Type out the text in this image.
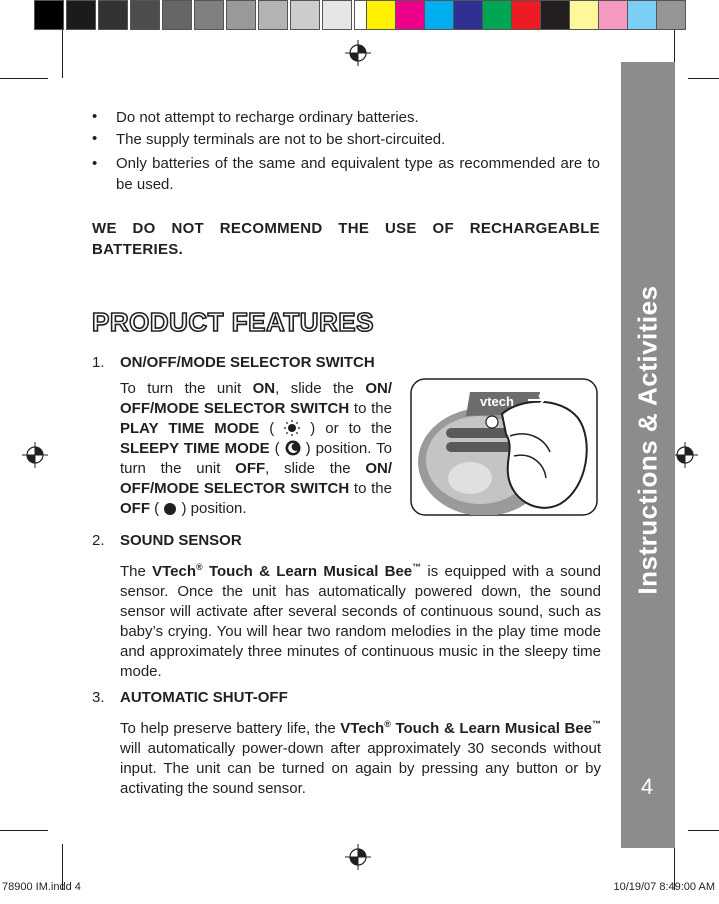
Instructions & Activities
4
• Do not attempt to recharge ordinary batteries.
• The supply terminals are not to be short-circuited.
• Only batteries of the same and equivalent type as recommended are to be used.
WE DO NOT RECOMMEND THE USE OF RECHARGEABLE BATTERIES.
PRODUCT FEATURES
1. ON/OFF/MODE SELECTOR SWITCH
To turn the unit ON, slide the ON/ OFF/MODE SELECTOR SWITCH to the PLAY TIME MODE (  ) or to the SLEEPY TIME MODE (  ) position. To turn the unit OFF, slide the ON/ OFF/MODE SELECTOR SWITCH to the OFF (  ) position.
vtech
2. SOUND SENSOR
The VTech® Touch & Learn Musical Bee™ is equipped with a sound sensor. Once the unit has automatically powered down, the sound sensor will activate after several seconds of continuous sound, such as baby’s crying. You will hear two random melodies in the play time mode and approximately three minutes of continuous music in the sleepy time mode.
3. AUTOMATIC SHUT-OFF
To help preserve battery life, the VTech® Touch & Learn Musical Bee™ will automatically power-down after approximately 30 seconds without input. The unit can be turned on again by pressing any button or by activating the sound sensor.
78900 IM.indd 4	10/19/07 8:49:00 AM
